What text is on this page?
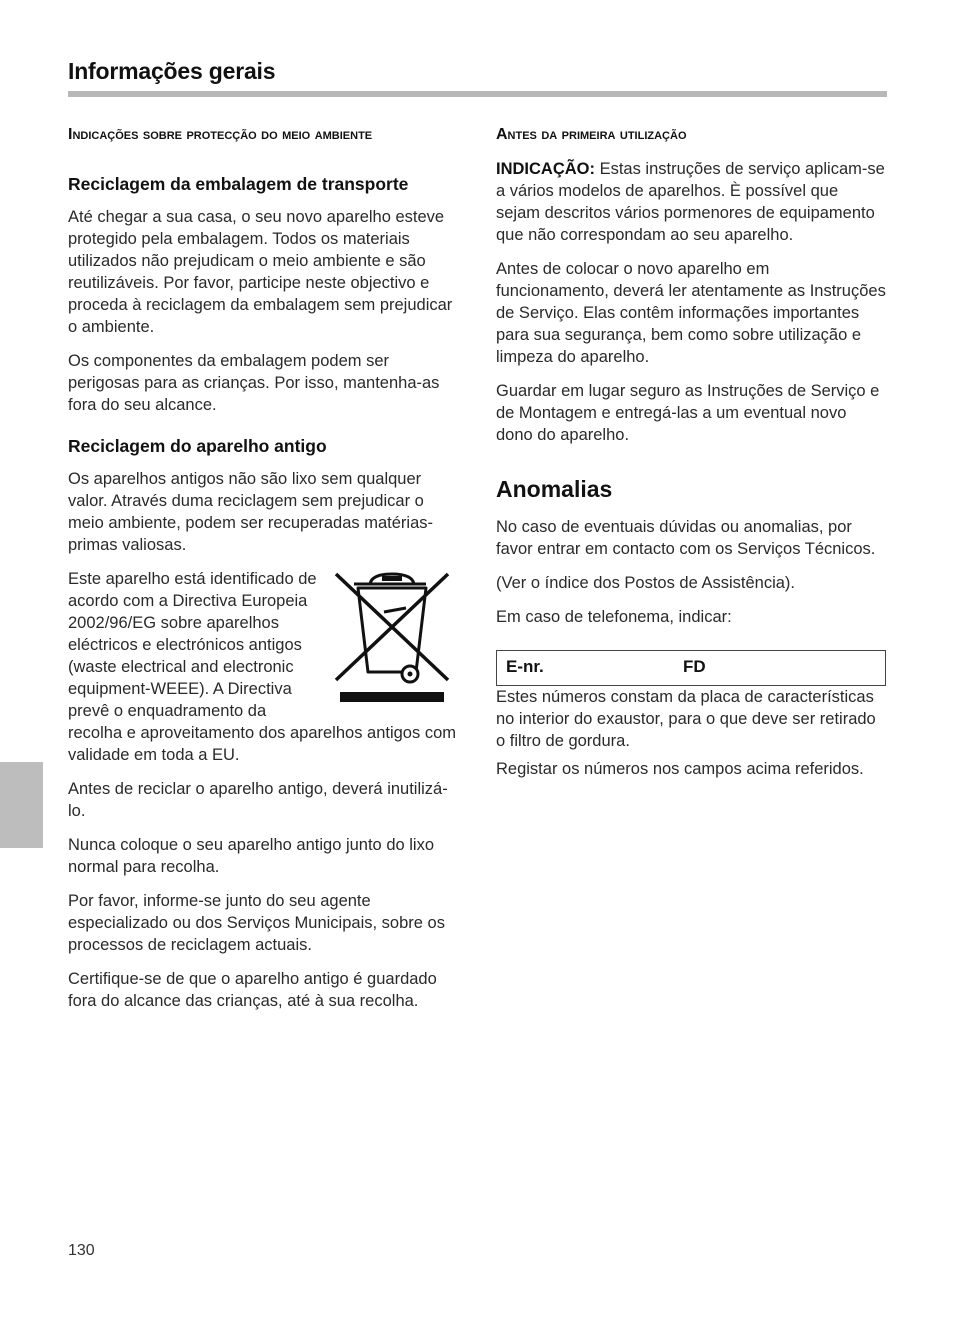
Informações gerais
Indicações sobre protecção do meio ambiente
Reciclagem da embalagem de transporte

Até chegar a sua casa, o seu novo aparelho esteve protegido pela embalagem. Todos os materiais utilizados não prejudicam o meio ambiente e são reutilizáveis. Por favor, participe neste objectivo e proceda à reciclagem da embalagem sem prejudicar o ambiente.

Os componentes da embalagem podem ser perigosas para as crianças. Por isso, mantenha-as fora do seu alcance.

Reciclagem do aparelho antigo

Os aparelhos antigos não são lixo sem qualquer valor. Através duma reciclagem sem prejudicar o meio ambiente, podem ser recuperadas matérias-primas valiosas.

Este aparelho está identificado de acordo com a Directiva Europeia 2002/96/EG sobre aparelhos eléctricos e electrónicos antigos (waste electrical and electronic equipment-WEEE). A Directiva prevê o enquadramento da recolha e aproveitamento dos aparelhos antigos com validade em toda a EU.

Antes de reciclar o aparelho antigo, deverá inutilizá-lo.

Nunca coloque o seu aparelho antigo junto do lixo normal para recolha.

Por favor, informe-se junto do seu agente especializado ou dos Serviços Municipais, sobre os processos de reciclagem actuais.

Certifique-se de que o aparelho antigo é guardado fora do alcance das crianças, até à sua recolha.

Antes da primeira utilização

INDICAÇÃO: Estas instruções de serviço aplicam-se a vários modelos de aparelhos. È possível que sejam descritos vários pormenores de equipamento que não correspondam ao seu aparelho.

Antes de colocar o novo aparelho em funcionamento, deverá ler atentamente as Instruções de Serviço. Elas contêm informações importantes para sua segurança, bem como sobre utilização e limpeza do aparelho.

Guardar em lugar seguro as Instruções de Serviço e de Montagem e entregá-las a um eventual novo dono do aparelho.

Anomalias

No caso de eventuais dúvidas ou anomalias, por favor entrar em contacto com os Serviços Técnicos.

(Ver o índice dos Postos de Assistência).

Em caso de telefonema, indicar:

E-nr.	FD

Estes números constam da placa de características no interior do exaustor, para o que deve ser retirado o filtro de gordura.

Registar os números nos campos acima referidos.

130
